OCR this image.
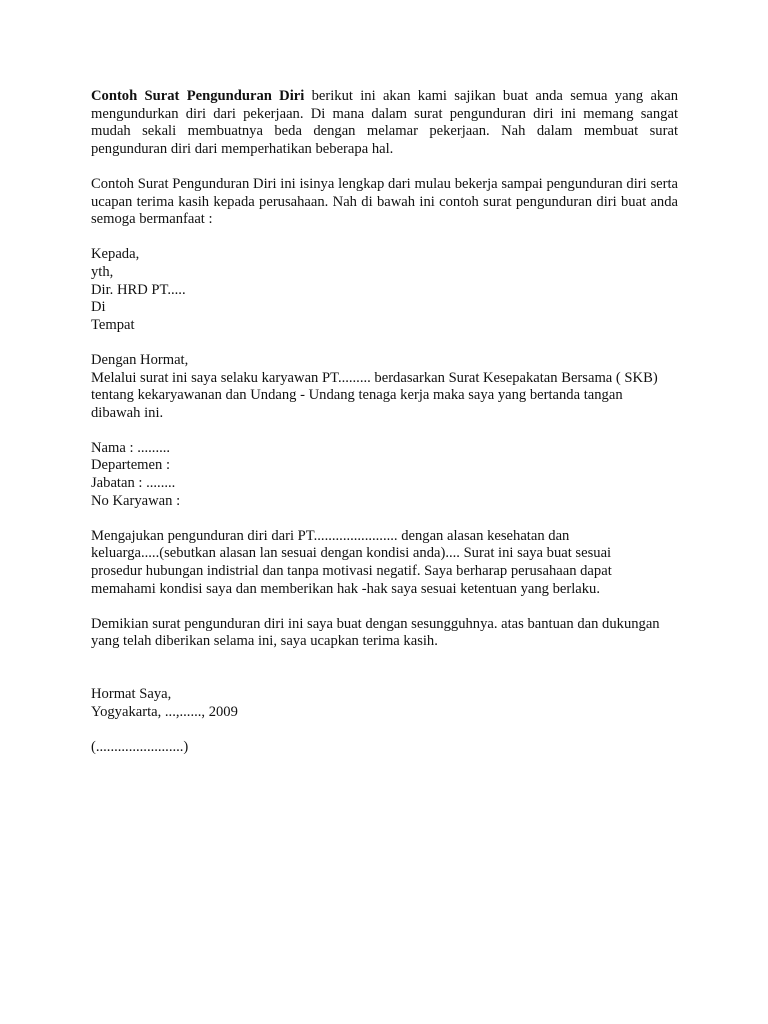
Contoh Surat Pengunduran Diri berikut ini akan kami sajikan buat anda semua yang akan mengundurkan diri dari pekerjaan. Di mana dalam surat pengunduran diri ini memang sangat mudah sekali membuatnya beda dengan melamar pekerjaan. Nah dalam membuat surat pengunduran diri dari memperhatikan beberapa hal.

Contoh Surat Pengunduran Diri ini isinya lengkap dari mulau bekerja sampai pengunduran diri serta ucapan terima kasih kepada perusahaan. Nah di bawah ini contoh surat pengunduran diri buat anda semoga bermanfaat :

Kepada,
yth,
Dir. HRD PT.....
Di
Tempat
Dengan Hormat,
Melalui surat ini saya selaku karyawan PT......... berdasarkan Surat Kesepakatan Bersama ( SKB)
tentang kekaryawanan dan Undang - Undang tenaga kerja maka saya yang bertanda tangan
dibawah ini.
Nama : .........
Departemen :
Jabatan : ........
No Karyawan :
Mengajukan pengunduran diri dari PT....................... dengan alasan kesehatan dan
keluarga.....(sebutkan alasan lan sesuai dengan kondisi anda).... Surat ini saya buat sesuai
prosedur hubungan indistrial dan tanpa motivasi negatif. Saya berharap perusahaan dapat
memahami kondisi saya dan memberikan hak -hak saya sesuai ketentuan yang berlaku.
Demikian surat pengunduran diri ini saya buat dengan sesungguhnya. atas bantuan dan dukungan
yang telah diberikan selama ini, saya ucapkan terima kasih.
Hormat Saya,
Yogyakarta, ...,......, 2009
(........................)
